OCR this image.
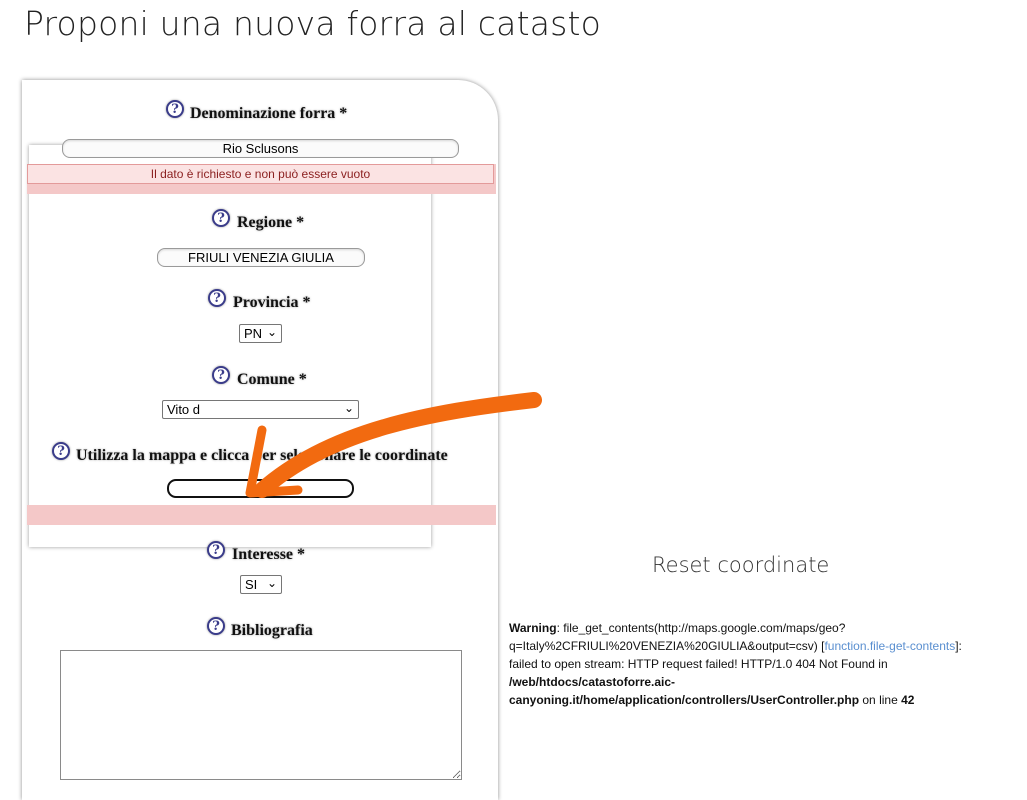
Proponi una nuova forra al catasto
? Denominazione forra *
Rio Sclusons
Il dato è richiesto e non può essere vuoto
? Regione *
FRIULI VENEZIA GIULIA
? Provincia *
PN ⌄
? Comune *
Vito d	⌄
? Utilizza la mappa e clicca per selezionare le coordinate
? Interesse *
SI ⌄
? Bibliografia
Reset coordinate
Warning: file_get_contents(http://maps.google.com/maps/geo?q=Italy%2CFRIULI%20VENEZIA%20GIULIA&output=csv) [function.file-get-contents]: failed to open stream: HTTP request failed! HTTP/1.0 404 Not Found in /web/htdocs/catastoforre.aic-canyoning.it/home/application/controllers/UserController.php on line 42
